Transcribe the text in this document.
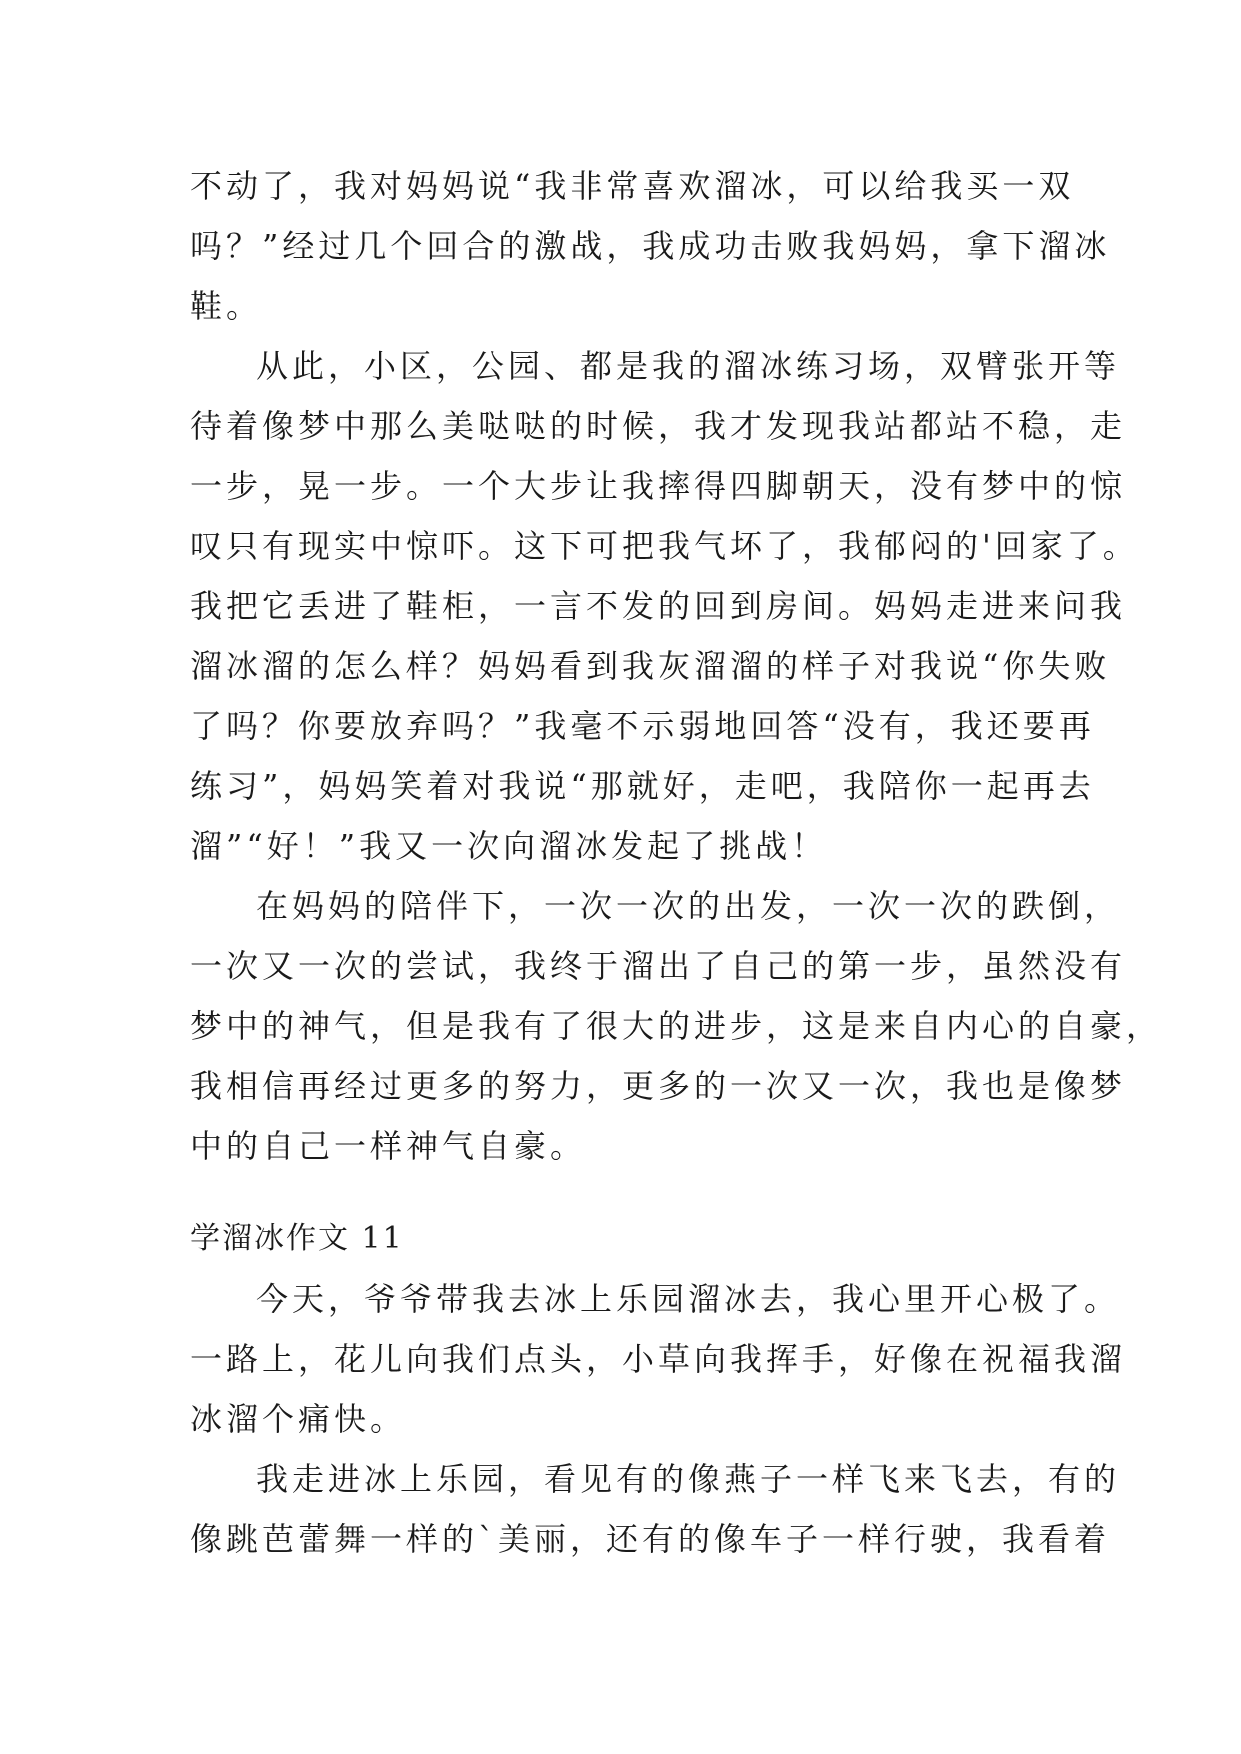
不动了，我对妈妈说“我非常喜欢溜冰，可以给我买一双

吗？”经过几个回合的激战，我成功击败我妈妈，拿下溜冰

鞋。

从此，小区，公园、都是我的溜冰练习场，双臂张开等

待着像梦中那么美哒哒的时候，我才发现我站都站不稳，走

一步，晃一步。一个大步让我摔得四脚朝天，没有梦中的惊

叹只有现实中惊吓。这下可把我气坏了，我郁闷的'回家了。

我把它丢进了鞋柜，一言不发的回到房间。妈妈走进来问我

溜冰溜的怎么样？妈妈看到我灰溜溜的样子对我说“你失败

了吗？你要放弃吗？”我毫不示弱地回答“没有，我还要再

练习”，妈妈笑着对我说“那就好，走吧，我陪你一起再去

溜”“好！”我又一次向溜冰发起了挑战！

在妈妈的陪伴下，一次一次的出发，一次一次的跌倒，

一次又一次的尝试，我终于溜出了自己的第一步，虽然没有

梦中的神气，但是我有了很大的进步，这是来自内心的自豪，

我相信再经过更多的努力，更多的一次又一次，我也是像梦

中的自己一样神气自豪。

学溜冰作文 11

今天，爷爷带我去冰上乐园溜冰去，我心里开心极了。

一路上，花儿向我们点头，小草向我挥手，好像在祝福我溜

冰溜个痛快。

我走进冰上乐园，看见有的像燕子一样飞来飞去，有的

像跳芭蕾舞一样的`美丽，还有的像车子一样行驶，我看着
